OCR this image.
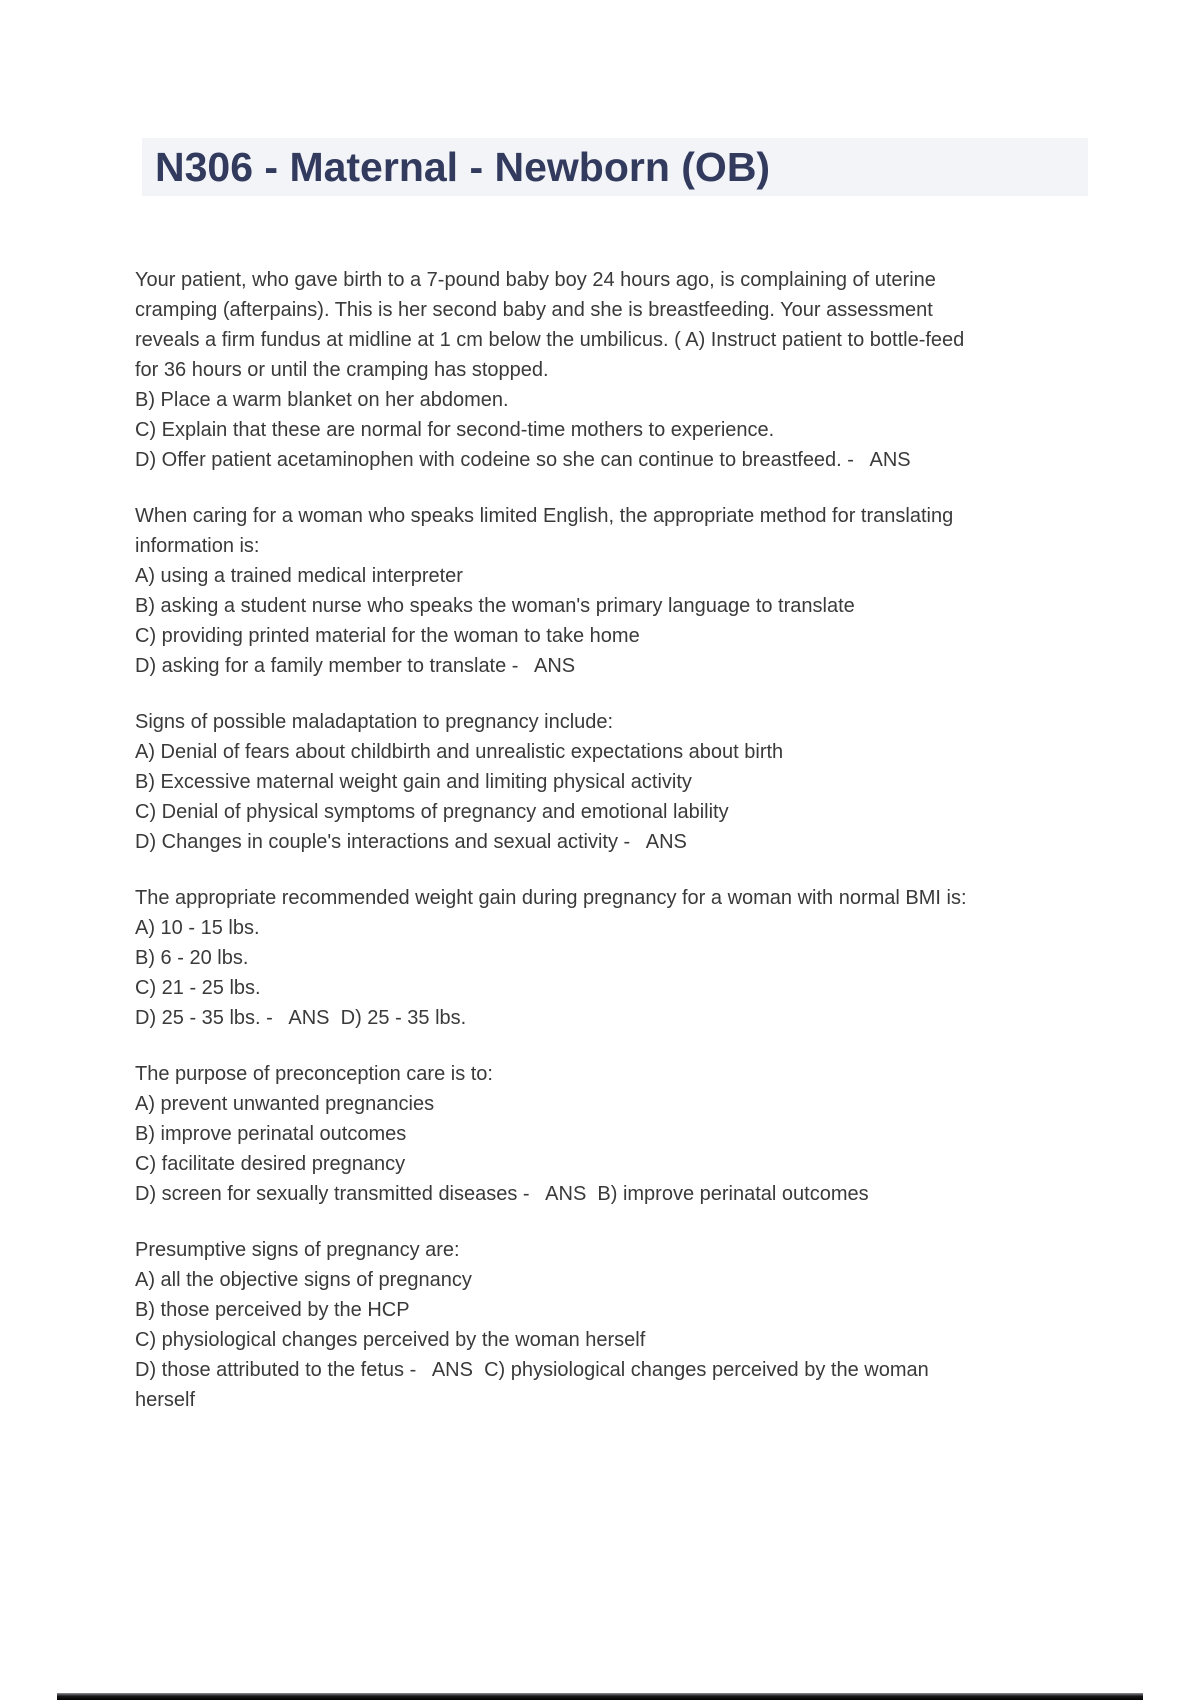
N306 - Maternal - Newborn (OB)
Your patient, who gave birth to a 7-pound baby boy 24 hours ago, is complaining of uterine
cramping (afterpains). This is her second baby and she is breastfeeding. Your assessment
reveals a firm fundus at midline at 1 cm below the umbilicus. ( A) Instruct patient to bottle-feed
for 36 hours or until the cramping has stopped.
B) Place a warm blanket on her abdomen.
C) Explain that these are normal for second-time mothers to experience.
D) Offer patient acetaminophen with codeine so she can continue to breastfeed. -   ANS
When caring for a woman who speaks limited English, the appropriate method for translating
information is:
A) using a trained medical interpreter
B) asking a student nurse who speaks the woman's primary language to translate
C) providing printed material for the woman to take home
D) asking for a family member to translate -   ANS
Signs of possible maladaptation to pregnancy include:
A) Denial of fears about childbirth and unrealistic expectations about birth
B) Excessive maternal weight gain and limiting physical activity
C) Denial of physical symptoms of pregnancy and emotional lability
D) Changes in couple's interactions and sexual activity -   ANS
The appropriate recommended weight gain during pregnancy for a woman with normal BMI is:
A) 10 - 15 lbs.
B) 6 - 20 lbs.
C) 21 - 25 lbs.
D) 25 - 35 lbs. -   ANS  D) 25 - 35 lbs.
The purpose of preconception care is to:
A) prevent unwanted pregnancies
B) improve perinatal outcomes
C) facilitate desired pregnancy
D) screen for sexually transmitted diseases -   ANS  B) improve perinatal outcomes
Presumptive signs of pregnancy are:
A) all the objective signs of pregnancy
B) those perceived by the HCP
C) physiological changes perceived by the woman herself
D) those attributed to the fetus -   ANS  C) physiological changes perceived by the woman
herself
